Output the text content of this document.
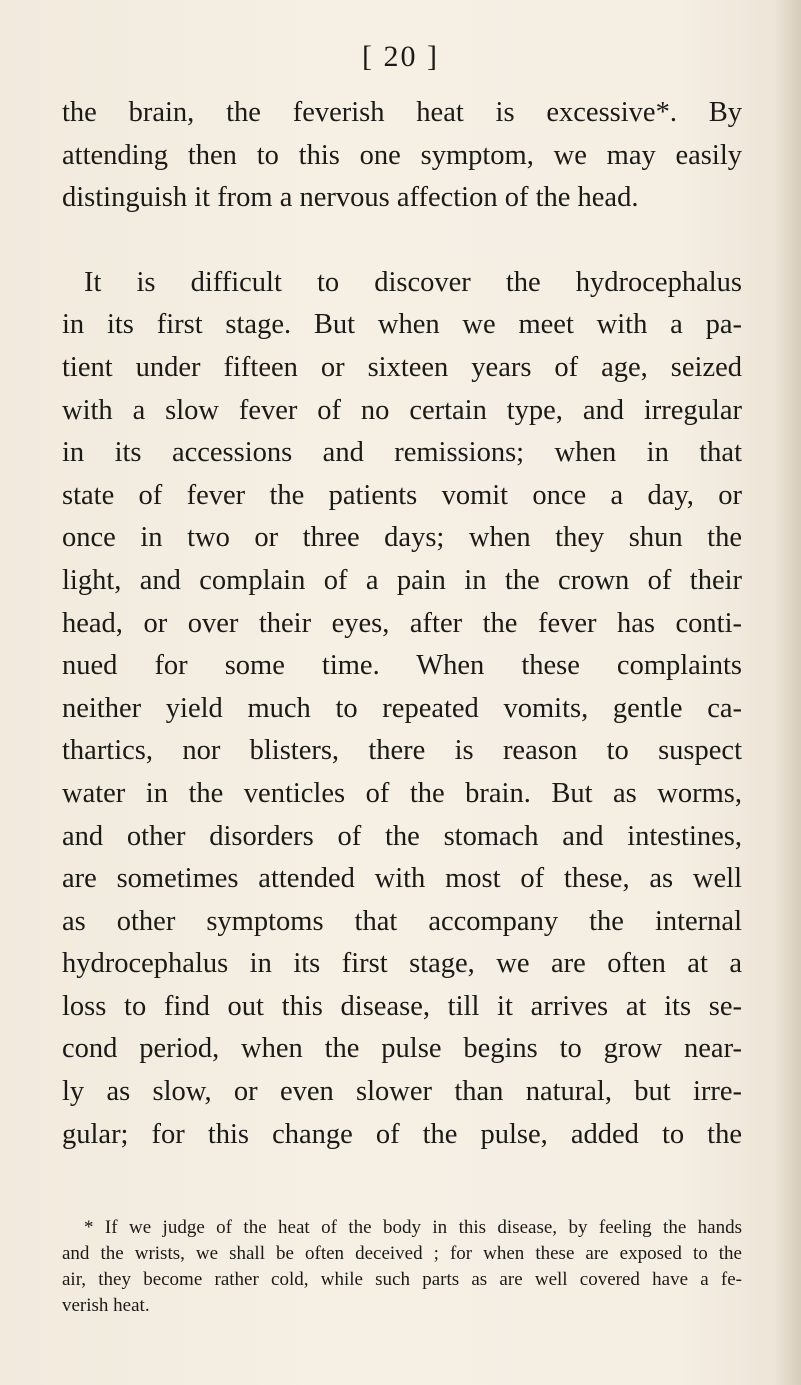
[ 20 ]
the brain, the feverish heat is excessive*. By
attending then to this one symptom, we may easily
distinguish it from a nervous affection of the head.
It is difficult to discover the hydrocephalus
in its first stage. But when we meet with a pa-
tient under fifteen or sixteen years of age, seized
with a slow fever of no certain type, and irregular
in its accessions and remissions; when in that
state of fever the patients vomit once a day, or
once in two or three days; when they shun the
light, and complain of a pain in the crown of their
head, or over their eyes, after the fever has conti-
nued for some time. When these complaints
neither yield much to repeated vomits, gentle ca-
thartics, nor blisters, there is reason to suspect
water in the venticles of the brain. But as worms,
and other disorders of the stomach and intestines,
are sometimes attended with most of these, as well
as other symptoms that accompany the internal
hydrocephalus in its first stage, we are often at a
loss to find out this disease, till it arrives at its se-
cond period, when the pulse begins to grow near-
ly as slow, or even slower than natural, but irre-
gular; for this change of the pulse, added to the
* If we judge of the heat of the body in this disease, by feeling the hands
and the wrists, we shall be often deceived ; for when these are exposed to the
air, they become rather cold, while such parts as are well covered have a fe-
verish heat.
